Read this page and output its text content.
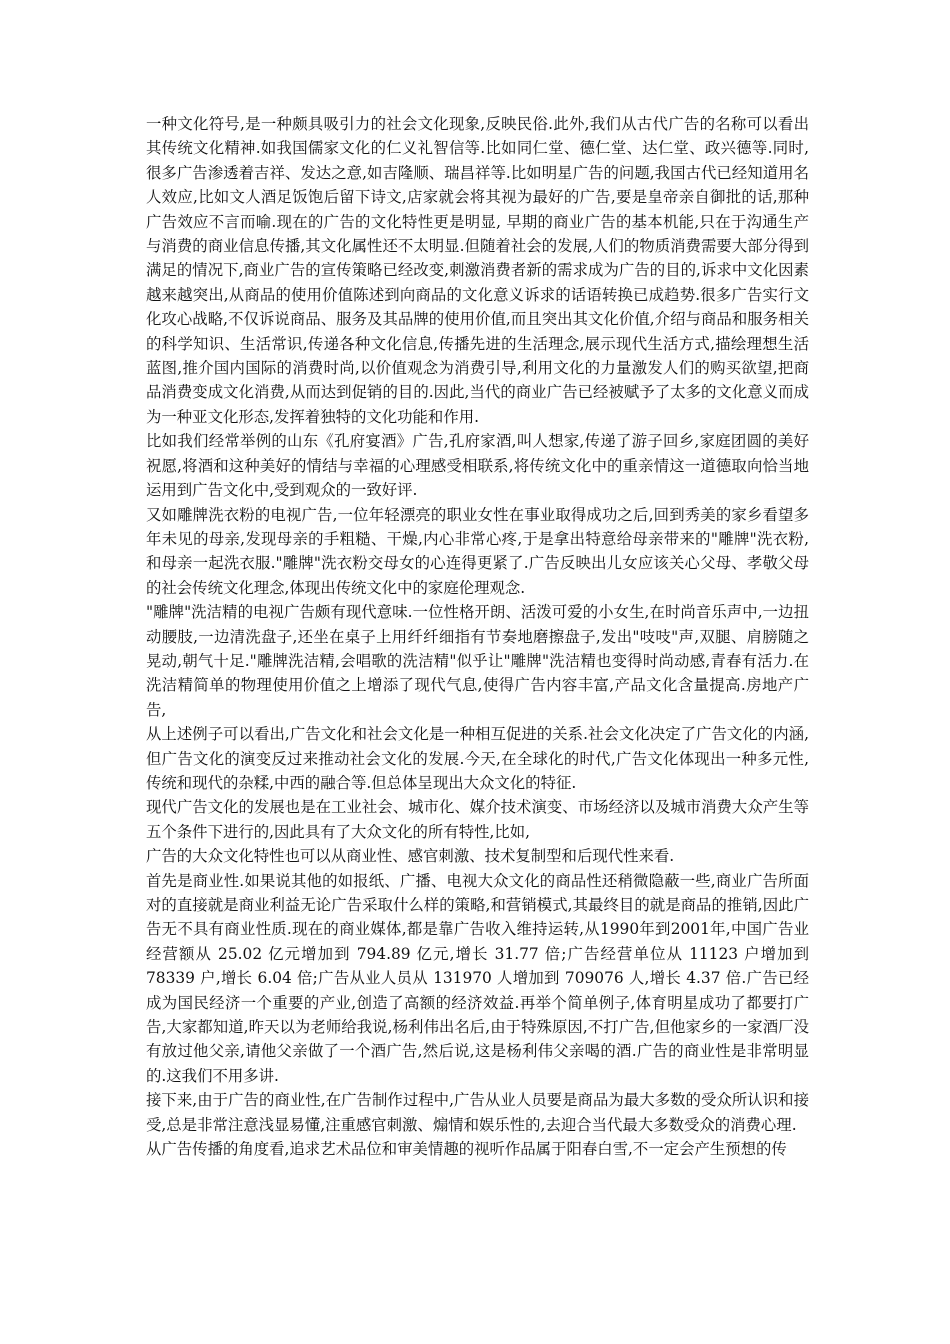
一种文化符号,是一种颇具吸引力的社会文化现象,反映民俗.此外,我们从古代广告的名称可以看出其传统文化精神.如我国儒家文化的仁义礼智信等.比如同仁堂、德仁堂、达仁堂、政兴德等.同时,很多广告渗透着吉祥、发达之意,如吉隆顺、瑞昌祥等.比如明星广告的问题,我国古代已经知道用名人效应,比如文人酒足饭饱后留下诗文,店家就会将其视为最好的广告,要是皇帝亲自御批的话,那种广告效应不言而喻.现在的广告的文化特性更是明显, 早期的商业广告的基本机能,只在于沟通生产与消费的商业信息传播,其文化属性还不太明显.但随着社会的发展,人们的物质消费需要大部分得到满足的情况下,商业广告的宣传策略已经改变,刺激消费者新的需求成为广告的目的,诉求中文化因素越来越突出,从商品的使用价值陈述到向商品的文化意义诉求的话语转换已成趋势.很多广告实行文化攻心战略,不仅诉说商品、服务及其品牌的使用价值,而且突出其文化价值,介绍与商品和服务相关的科学知识、生活常识,传递各种文化信息,传播先进的生活理念,展示现代生活方式,描绘理想生活蓝图,推介国内国际的消费时尚,以价值观念为消费引导,利用文化的力量激发人们的购买欲望,把商品消费变成文化消费,从而达到促销的目的.因此,当代的商业广告已经被赋予了太多的文化意义而成为一种亚文化形态,发挥着独特的文化功能和作用.

比如我们经常举例的山东《孔府宴酒》广告,孔府家酒,叫人想家,传递了游子回乡,家庭团圆的美好祝愿,将酒和这种美好的情结与幸福的心理感受相联系,将传统文化中的重亲情这一道德取向恰当地运用到广告文化中,受到观众的一致好评.

又如雕牌洗衣粉的电视广告,一位年轻漂亮的职业女性在事业取得成功之后,回到秀美的家乡看望多年未见的母亲,发现母亲的手粗糙、干燥,内心非常心疼,于是拿出特意给母亲带来的"雕牌"洗衣粉,和母亲一起洗衣服."雕牌"洗衣粉交母女的心连得更紧了.广告反映出儿女应该关心父母、孝敬父母的社会传统文化理念,体现出传统文化中的家庭伦理观念.

"雕牌"洗洁精的电视广告颇有现代意味.一位性格开朗、活泼可爱的小女生,在时尚音乐声中,一边扭动腰肢,一边清洗盘子,还坐在桌子上用纤纤细指有节奏地磨擦盘子,发出"吱吱"声,双腿、肩膀随之晃动,朝气十足."雕牌洗洁精,会唱歌的洗洁精"似乎让"雕牌"洗洁精也变得时尚动感,青春有活力.在洗洁精简单的物理使用价值之上增添了现代气息,使得广告内容丰富,产品文化含量提高.房地产广告,

从上述例子可以看出,广告文化和社会文化是一种相互促进的关系.社会文化决定了广告文化的内涵,但广告文化的演变反过来推动社会文化的发展.今天,在全球化的时代,广告文化体现出一种多元性,传统和现代的杂糅,中西的融合等.但总体呈现出大众文化的特征.

现代广告文化的发展也是在工业社会、城市化、媒介技术演变、市场经济以及城市消费大众产生等五个条件下进行的,因此具有了大众文化的所有特性,比如,

广告的大众文化特性也可以从商业性、感官刺激、技术复制型和后现代性来看.

首先是商业性.如果说其他的如报纸、广播、电视大众文化的商品性还稍微隐蔽一些,商业广告所面对的直接就是商业利益无论广告采取什么样的策略,和营销模式,其最终目的就是商品的推销,因此广告无不具有商业性质.现在的商业媒体,都是靠广告收入维持运转,从1990年到2001年,中国广告业经营额从 25.02 亿元增加到 794.89 亿元,增长 31.77 倍;广告经营单位从 11123 户增加到 78339 户,增长 6.04 倍;广告从业人员从 131970 人增加到 709076 人,增长 4.37 倍.广告已经成为国民经济一个重要的产业,创造了高额的经济效益.再举个简单例子,体育明星成功了都要打广告,大家都知道,昨天以为老师给我说,杨利伟出名后,由于特殊原因,不打广告,但他家乡的一家酒厂没有放过他父亲,请他父亲做了一个酒广告,然后说,这是杨利伟父亲喝的酒.广告的商业性是非常明显的.这我们不用多讲.

接下来,由于广告的商业性,在广告制作过程中,广告从业人员要是商品为最大多数的受众所认识和接受,总是非常注意浅显易懂,注重感官刺激、煽情和娱乐性的,去迎合当代最大多数受众的消费心理.

从广告传播的角度看,追求艺术品位和审美情趣的视听作品属于阳春白雪,不一定会产生预想的传
